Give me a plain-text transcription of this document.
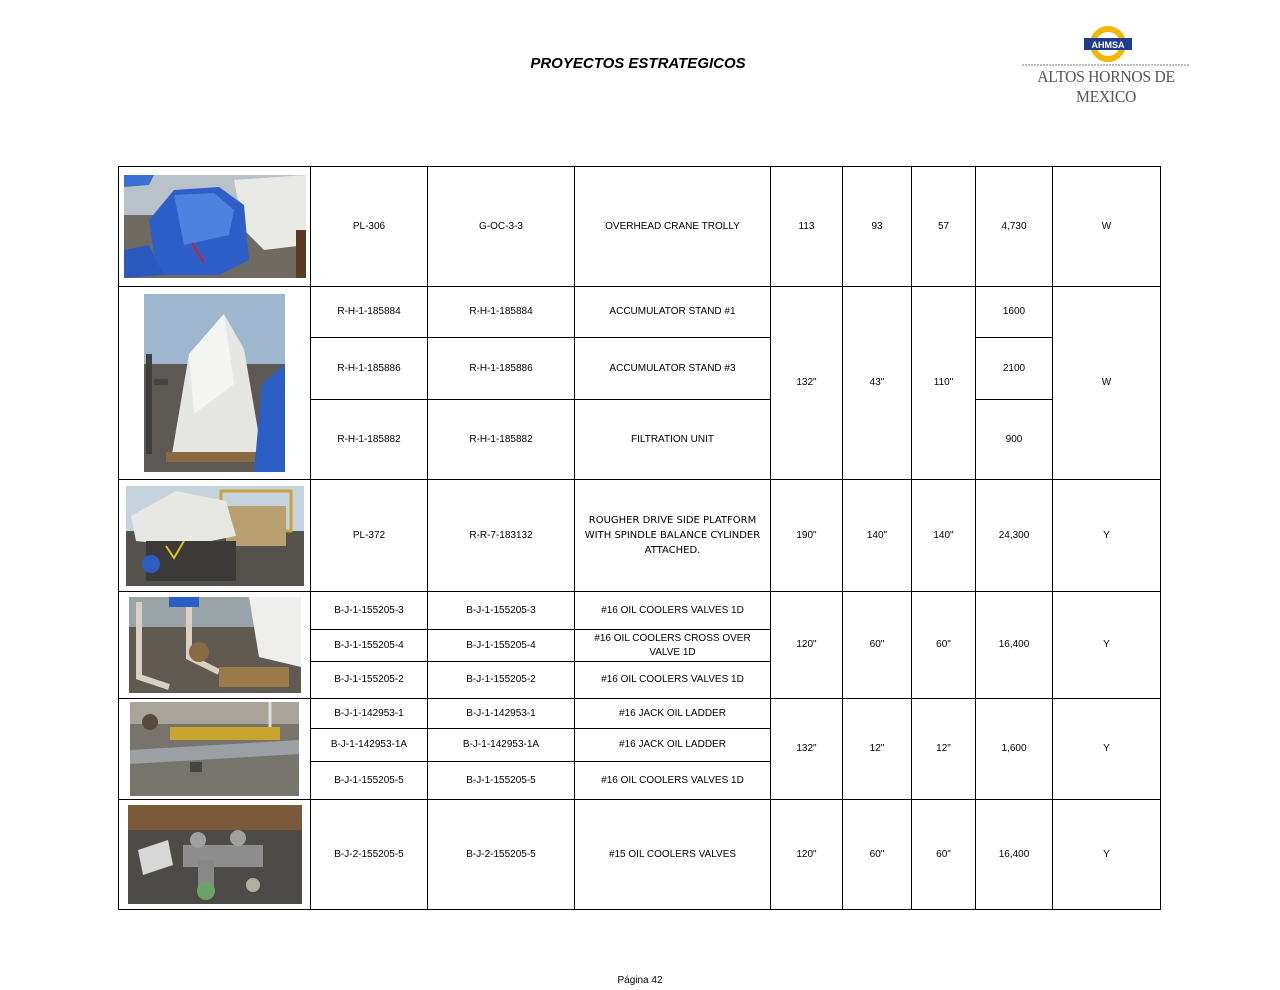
PROYECTOS ESTRATEGICOS
AHMSA
ALTOS HORNOS DE MEXICO
	PL-306	G-OC-3-3	OVERHEAD CRANE TROLLY	113	93	57	4,730	W

	R-H-1-185884	R-H-1-185884	ACCUMULATOR STAND #1	132"	43"	110"	1600	W
	R-H-1-185886	R-H-1-185886	ACCUMULATOR STAND #3				2100	
	R-H-1-185882	R-H-1-185882	FILTRATION UNIT				900	

	PL-372	R-R-7-183132	ROUGHER DRIVE SIDE PLATFORM WITH SPINDLE BALANCE CYLINDER ATTACHED.	190"	140"	140"	24,300	Y

	B-J-1-155205-3	B-J-1-155205-3	#16 OIL COOLERS VALVES 1D	120"	60"	60"	16,400	Y
	B-J-1-155205-4	B-J-1-155205-4	#16 OIL COOLERS CROSS OVER VALVE 1D					
	B-J-1-155205-2	B-J-1-155205-2	#16 OIL COOLERS VALVES 1D					

	B-J-1-142953-1	B-J-1-142953-1	#16 JACK OIL LADDER	132"	12"	12"	1,600	Y
	B-J-1-142953-1A	B-J-1-142953-1A	#16 JACK OIL LADDER					
	B-J-1-155205-5	B-J-1-155205-5	#16 OIL COOLERS VALVES 1D					

	B-J-2-155205-5	B-J-2-155205-5	#15 OIL COOLERS VALVES	120"	60"	60"	16,400	Y
Página 42
